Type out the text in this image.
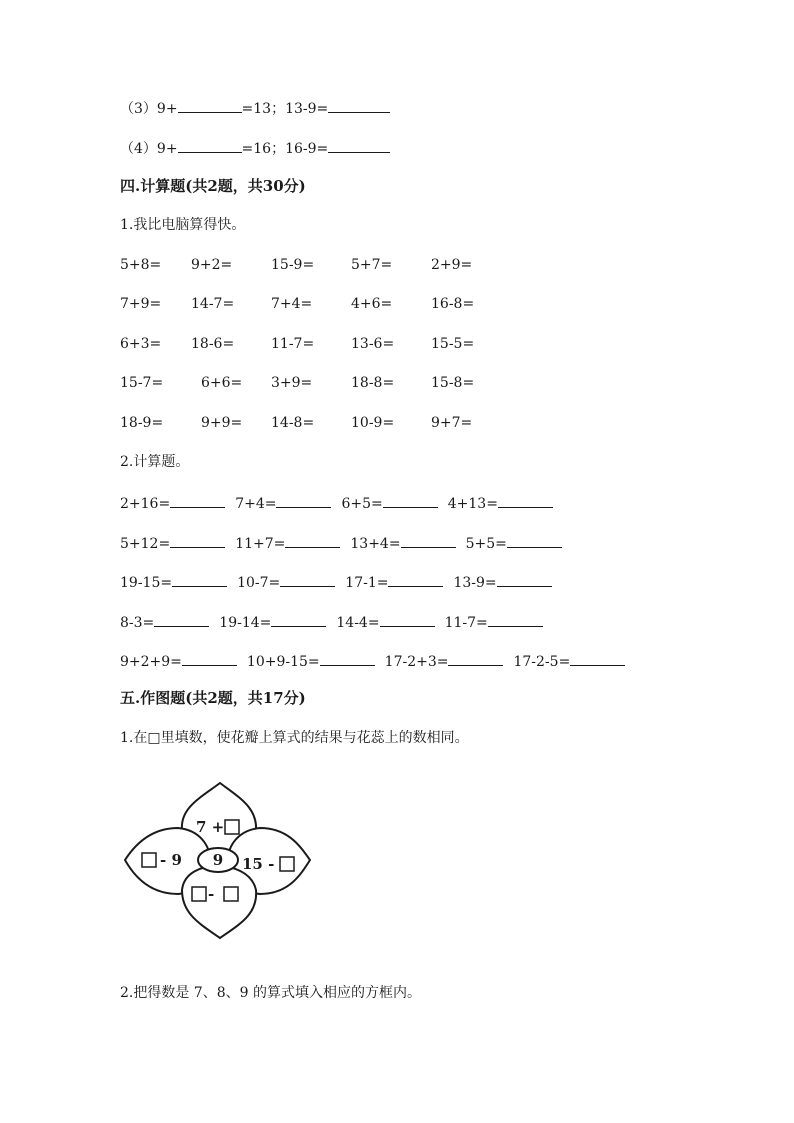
（3）9+	=13；13-9=
（4）9+	=16；16-9=
四.计算题(共2题，共30分)
1.我比电脑算得快。
5+8= 9+2=	15-9=	5+7=	2+9=
7+9= 14-7=	7+4=	4+6=	16-8=
6+3= 18-6=	11-7=	13-6=	15-5=
15-7=	6+6= 3+9=	18-8=	15-8=
18-9=	9+9= 14-8=	10-9=	9+7=
2.计算题。
2+16=	7+4=	6+5=	4+13=
5+12=	11+7=	13+4=	5+5=
19-15=	10-7=	17-1=	13-9=
8-3=	19-14=	14-4=	11-7=
9+2+9=	10+9-15=	17-2+3=	17-2-5=
五.作图题(共2题，共17分)
1.在□里填数，使花瓣上算式的结果与花蕊上的数相同。
9
7 +
- 9	15 -
-
2.把得数是 7、8、9 的算式填入相应的方框内。
